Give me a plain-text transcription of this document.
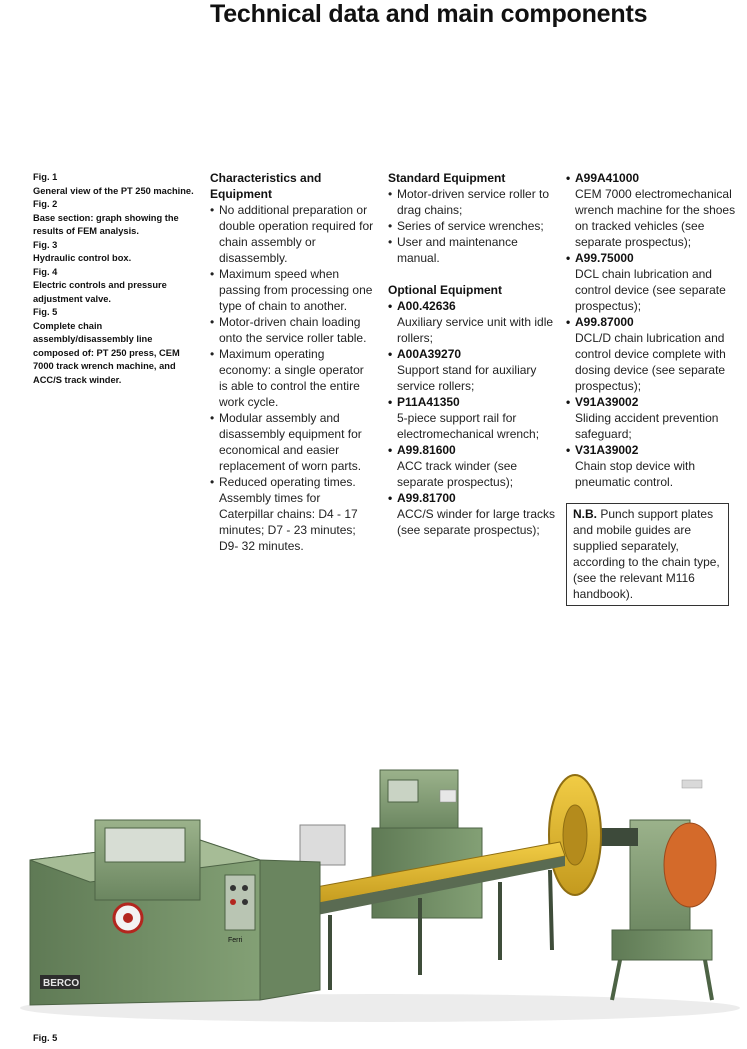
Technical data and main components
Fig. 1
General view of the PT 250 machine.
Fig. 2
Base section: graph showing the results of FEM analysis.
Fig. 3
Hydraulic control box.
Fig. 4
Electric controls and pressure adjustment valve.
Fig. 5
Complete chain assembly/disassembly line composed of: PT 250 press, CEM 7000 track wrench machine, and ACC/S track winder.
Characteristics and Equipment
• No additional preparation or double operation required for chain assembly or disassembly.
• Maximum speed when passing from processing one type of chain to another.
• Motor-driven chain loading onto the service roller table.
• Maximum operating economy: a single operator is able to control the entire work cycle.
• Modular assembly and disassembly equipment for economical and easier replacement of worn parts.
• Reduced operating times. Assembly times for Caterpillar chains: D4 - 17 minutes; D7 - 23 minutes; D9- 32 minutes.
Standard Equipment
• Motor-driven service roller to drag chains;
• Series of service wrenches;
• User and maintenance manual.
Optional Equipment
• A00.42636
Auxiliary service unit with idle rollers;
• A00A39270
Support stand for auxiliary service rollers;
• P11A41350
5-piece support rail for electromechanical wrench;
• A99.81600
ACC track winder (see separate prospectus);
• A99.81700
ACC/S winder for large tracks (see separate prospectus);
• A99A41000
CEM 7000 electromechanical wrench machine for the shoes on tracked vehicles (see separate prospectus);
• A99.75000
DCL chain lubrication and control device (see separate prospectus);
• A99.87000
DCL/D chain lubrication and control device complete with dosing device (see separate prospectus);
• V91A39002
Sliding accident prevention safeguard;
• V31A39002
Chain stop device with pneumatic control.
N.B. Punch support plates and mobile guides are supplied separately, according to the chain type, (see the relevant M116 handbook).
BERCO
Ferri
Fig. 5
